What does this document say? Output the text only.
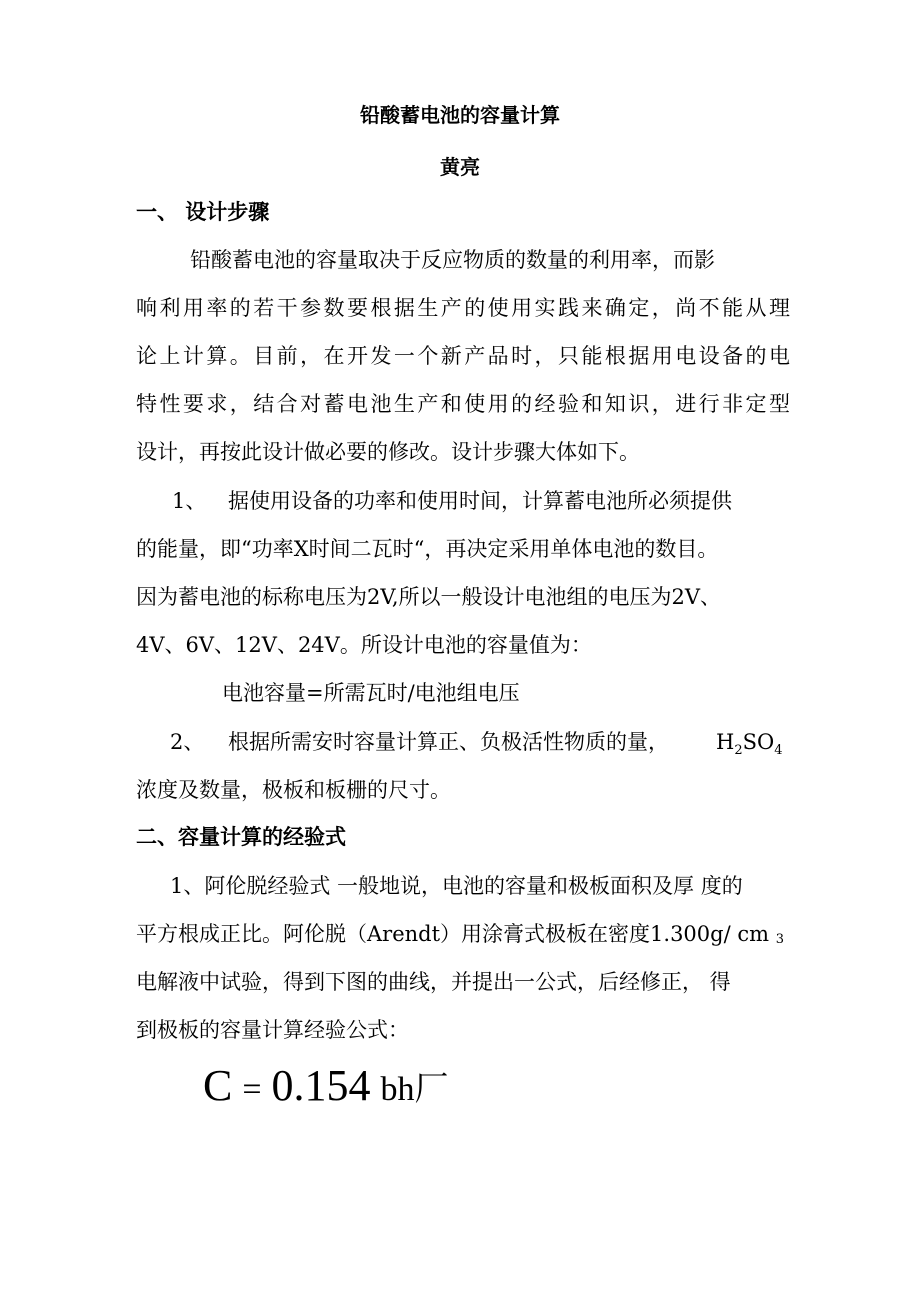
铅酸蓄电池的容量计算
黄亮
一、 设计步骤
铅酸蓄电池的容量取决于反应物质的数量的利用率，而影
响利用率的若干参数要根据生产的使用实践来确定，尚不能从理
论上计算。目前，在开发一个新产品时，只能根据用电设备的电
特性要求，结合对蓄电池生产和使用的经验和知识，进行非定型
设计，再按此设计做必要的修改。设计步骤大体如下。
1、 据使用设备的功率和使用时间，计算蓄电池所必须提供
的能量，即“功率X时间二瓦时“，再决定采用单体电池的数目。
因为蓄电池的标称电压为2V,所以一般设计电池组的电压为2V、
4V、6V、12V、24V。所设计电池的容量值为：
电池容量=所需瓦时/电池组电压
2、 根据所需安时容量计算正、负极活性物质的量， $H_2SO_4$
浓度及数量，极板和板栅的尺寸。
二、容量计算的经验式
1、阿伦脱经验式 一般地说，电池的容量和极板面积及厚 度的
平方根成正比。阿伦脱（Arendt）用涂膏式极板在密度1.300g/ cm 3
电解液中试验，得到下图的曲线，并提出一公式，后经修正， 得
到极板的容量计算经验公式：
C = 0.154 bh厂
